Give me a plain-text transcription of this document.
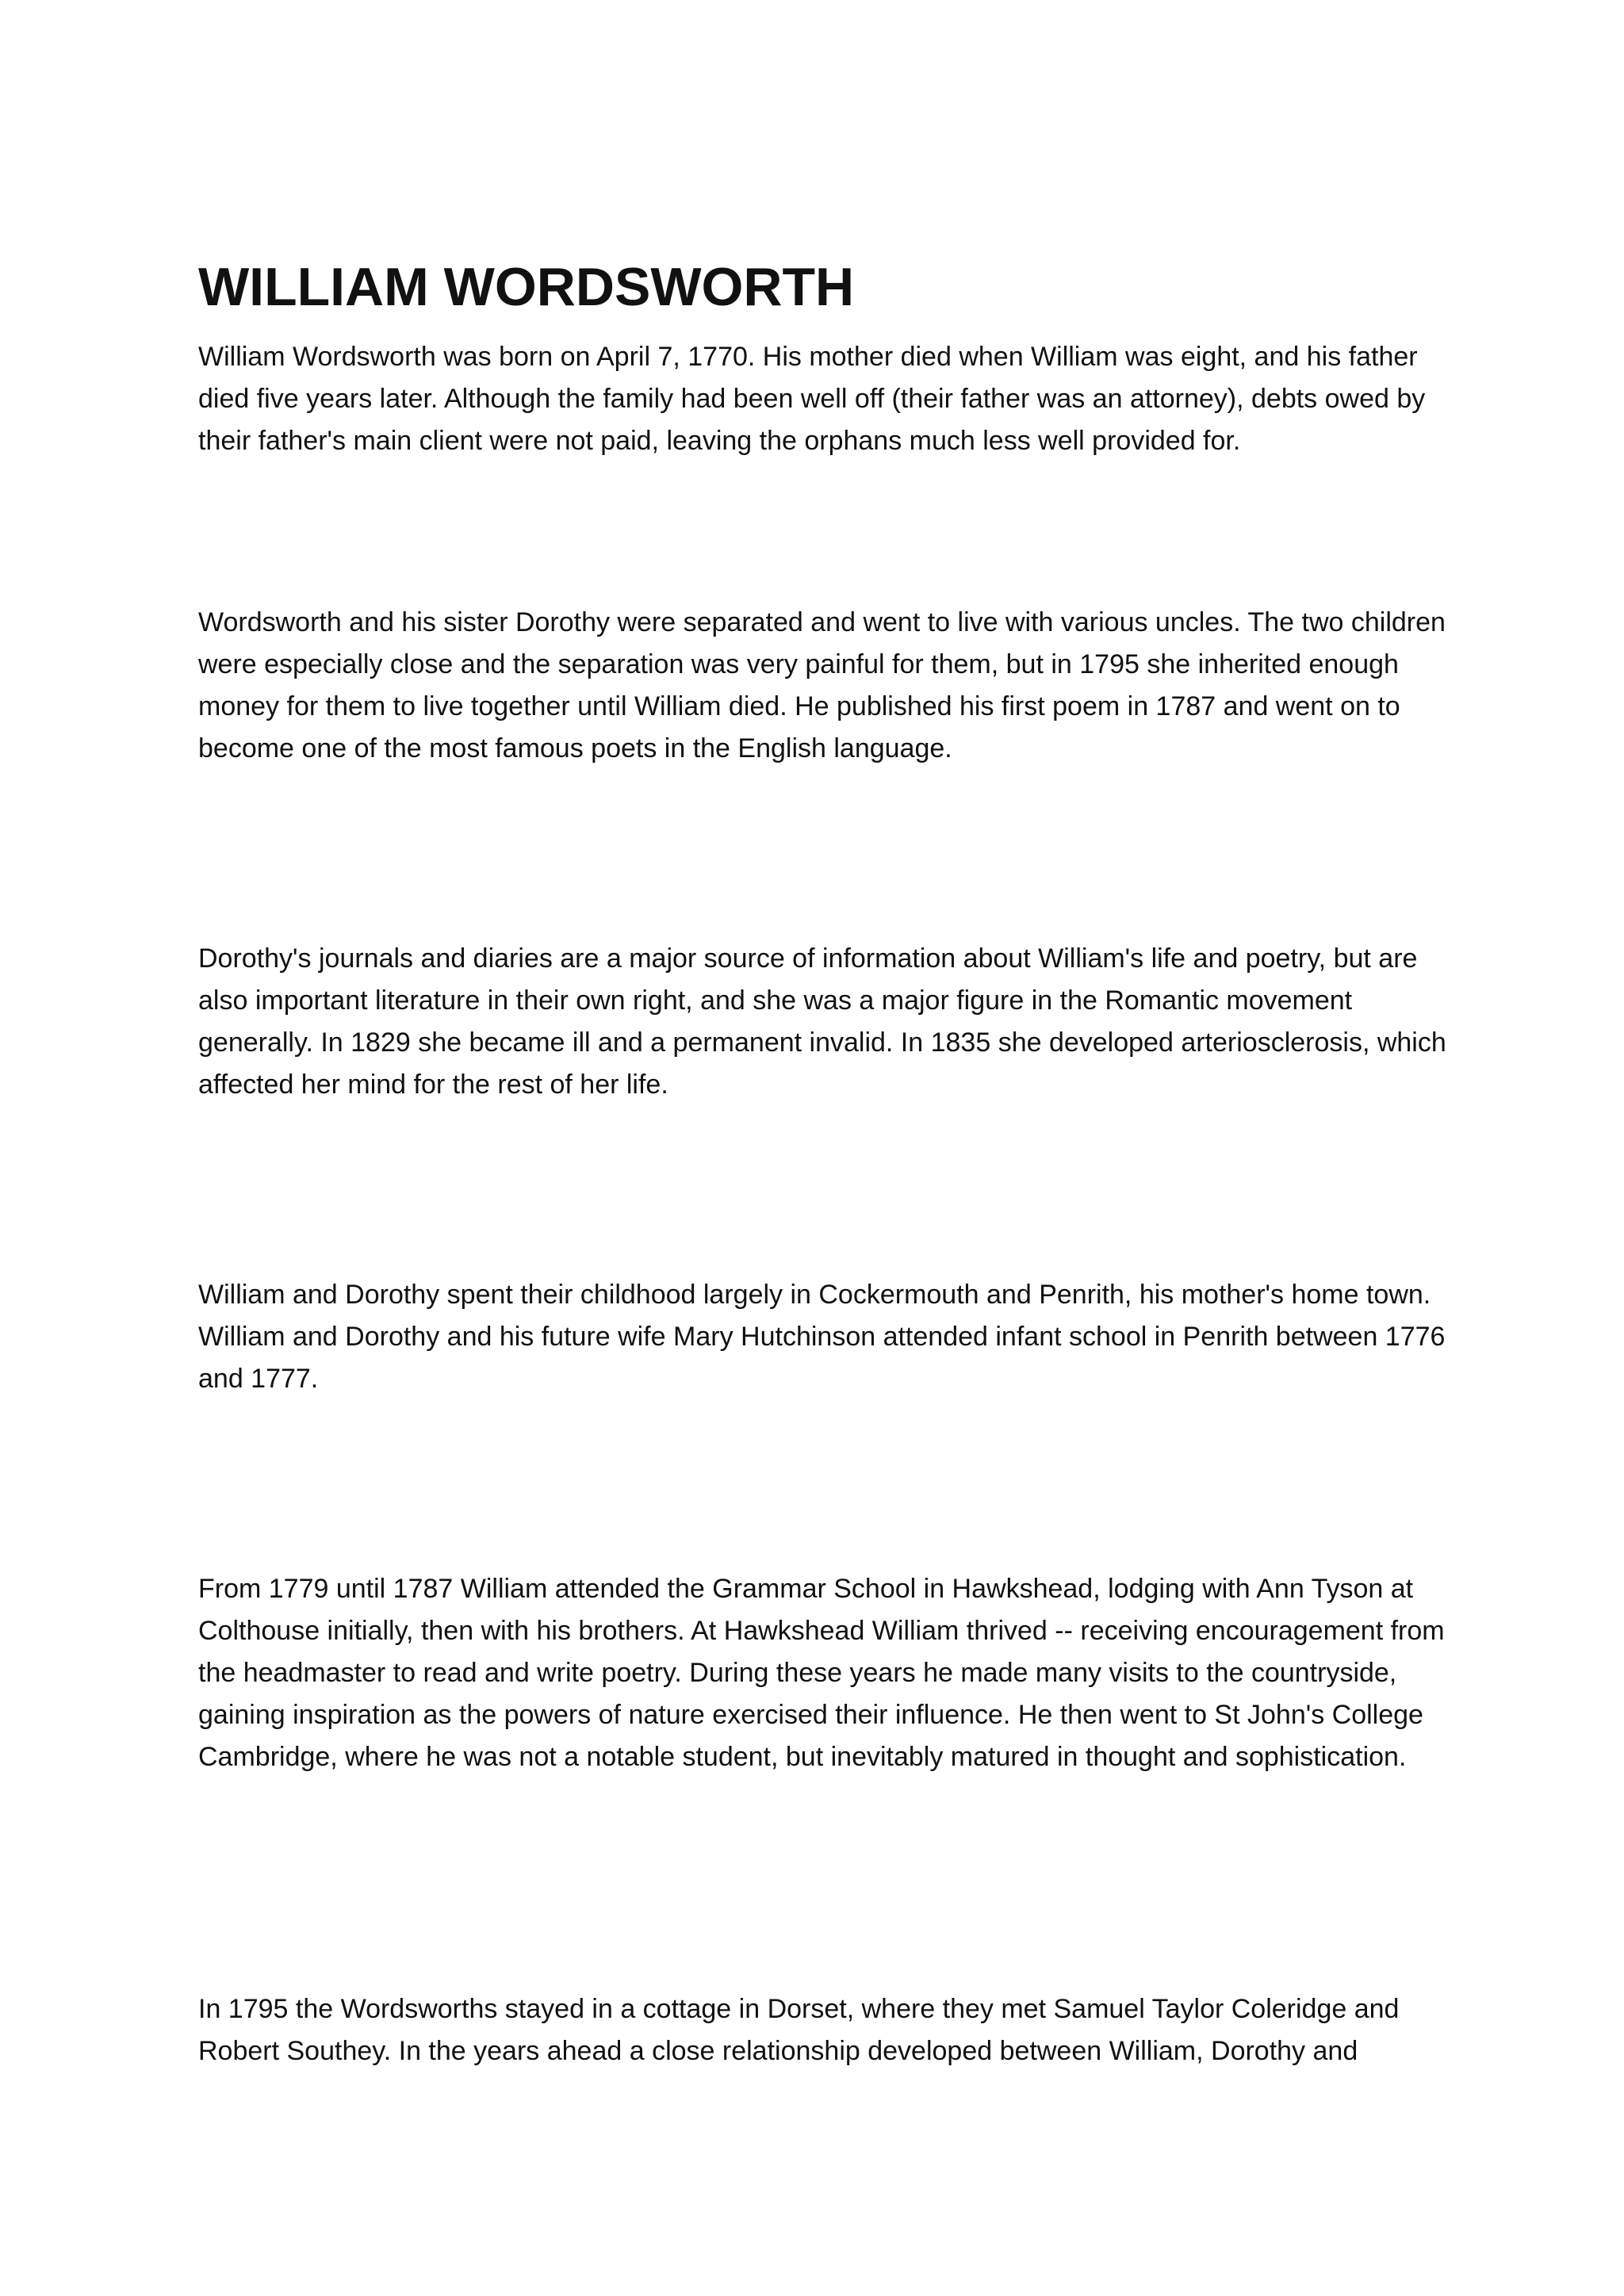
WILLIAM WORDSWORTH

William Wordsworth was born on April 7, 1770. His mother died when William was eight, and his father died five years later. Although the family had been well off (their father was an attorney), debts owed by their father's main client were not paid, leaving the orphans much less well provided for.

Wordsworth and his sister Dorothy were separated and went to live with various uncles. The two children were especially close and the separation was very painful for them, but in 1795 she inherited enough money for them to live together until William died. He published his first poem in 1787 and went on to become one of the most famous poets in the English language.

Dorothy's journals and diaries are a major source of information about William's life and poetry, but are also important literature in their own right, and she was a major figure in the Romantic movement generally. In 1829 she became ill and a permanent invalid. In 1835 she developed arteriosclerosis, which affected her mind for the rest of her life.

William and Dorothy spent their childhood largely in Cockermouth and Penrith, his mother's home town. William and Dorothy and his future wife Mary Hutchinson attended infant school in Penrith between 1776 and 1777.

From 1779 until 1787 William attended the Grammar School in Hawkshead, lodging with Ann Tyson at Colthouse initially, then with his brothers. At Hawkshead William thrived -- receiving encouragement from the headmaster to read and write poetry. During these years he made many visits to the countryside, gaining inspiration as the powers of nature exercised their influence. He then went to St John's College Cambridge, where he was not a notable student, but inevitably matured in thought and sophistication.

In 1795 the Wordsworths stayed in a cottage in Dorset, where they met Samuel Taylor Coleridge and Robert Southey. In the years ahead a close relationship developed between William, Dorothy and
